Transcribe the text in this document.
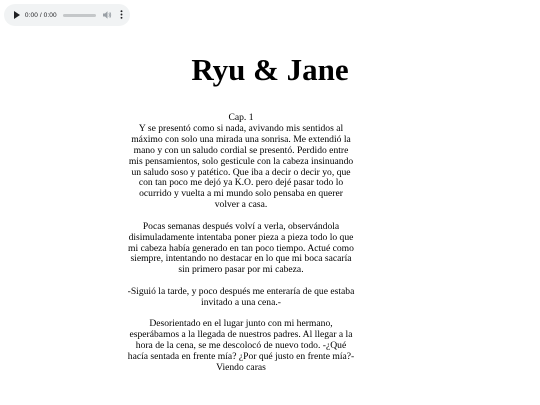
0:00 / 0:00
Ryu & Jane
Cap. 1

Y se presentó como si nada, avivando mis sentidos al máximo con solo una mirada una sonrisa. Me extendió la mano y con un saludo cordial se presentó. Perdido entre mis pensamientos, solo gesticule con la cabeza insinuando un saludo soso y patético. Que iba a decir o decir yo, que con tan poco me dejó ya K.O. pero dejé pasar todo lo ocurrido y vuelta a mi mundo solo pensaba en querer volver a casa.

Pocas semanas después volví a verla, observándola disimuladamente intentaba poner pieza a pieza todo lo que mi cabeza había generado en tan poco tiempo. Actué como siempre, intentando no destacar en lo que mi boca sacaría sin primero pasar por mi cabeza.

-Siguió la tarde, y poco después me enteraría de que estaba invitado a una cena.-

Desorientado en el lugar junto con mi hermano, esperábamos a la llegada de nuestros padres. Al llegar a la hora de la cena, se me descolocó de nuevo todo. -¿Qué hacía sentada en frente mía? ¿Por qué justo en frente mía?- Viendo caras
